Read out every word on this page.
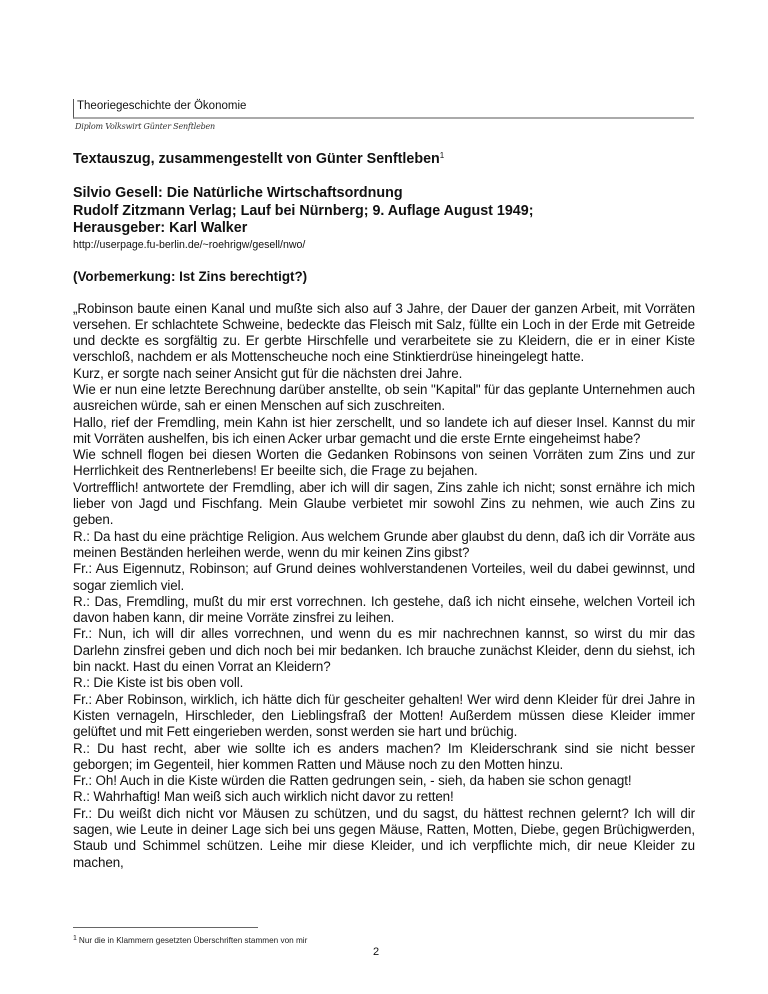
Theoriegeschichte der Ökonomie
Diplom Volkswirt Günter Senftleben
Textauszug, zusammengestellt von Günter Senftleben$^1$
Silvio Gesell: Die Natürliche Wirtschaftsordnung
Rudolf Zitzmann Verlag; Lauf bei Nürnberg; 9. Auflage August 1949;
Herausgeber: Karl Walker
http://userpage.fu-berlin.de/~roehrigw/gesell/nwo/
(Vorbemerkung: Ist Zins berechtigt?)

„Robinson baute einen Kanal und mußte sich also auf 3 Jahre, der Dauer der ganzen Arbeit, mit Vorräten versehen. Er schlachtete Schweine, bedeckte das Fleisch mit Salz, füllte ein Loch in der Erde mit Getreide und deckte es sorgfältig zu. Er gerbte Hirschfelle und verarbeitete sie zu Kleidern, die er in einer Kiste verschloß, nachdem er als Mottenscheuche noch eine Stinktierdrüse hineingelegt hatte.

Kurz, er sorgte nach seiner Ansicht gut für die nächsten drei Jahre.

Wie er nun eine letzte Berechnung darüber anstellte, ob sein "Kapital" für das geplante Unternehmen auch ausreichen würde, sah er einen Menschen auf sich zuschreiten.

Hallo, rief der Fremdling, mein Kahn ist hier zerschellt, und so landete ich auf dieser Insel. Kannst du mir mit Vorräten aushelfen, bis ich einen Acker urbar gemacht und die erste Ernte eingeheimst habe?

Wie schnell flogen bei diesen Worten die Gedanken Robinsons von seinen Vorräten zum Zins und zur Herrlichkeit des Rentnerlebens! Er beeilte sich, die Frage zu bejahen.

Vortrefflich! antwortete der Fremdling, aber ich will dir sagen, Zins zahle ich nicht; sonst ernähre ich mich lieber von Jagd und Fischfang. Mein Glaube verbietet mir sowohl Zins zu nehmen, wie auch Zins zu geben.

R.: Da hast du eine prächtige Religion. Aus welchem Grunde aber glaubst du denn, daß ich dir Vorräte aus meinen Beständen herleihen werde, wenn du mir keinen Zins gibst?

Fr.: Aus Eigennutz, Robinson; auf Grund deines wohlverstandenen Vorteiles, weil du dabei gewinnst, und sogar ziemlich viel.

R.: Das, Fremdling, mußt du mir erst vorrechnen. Ich gestehe, daß ich nicht einsehe, welchen Vorteil ich davon haben kann, dir meine Vorräte zinsfrei zu leihen.

Fr.: Nun, ich will dir alles vorrechnen, und wenn du es mir nachrechnen kannst, so wirst du mir das Darlehn zinsfrei geben und dich noch bei mir bedanken. Ich brauche zunächst Kleider, denn du siehst, ich bin nackt. Hast du einen Vorrat an Kleidern?

R.: Die Kiste ist bis oben voll.

Fr.: Aber Robinson, wirklich, ich hätte dich für gescheiter gehalten! Wer wird denn Kleider für drei Jahre in Kisten vernageln, Hirschleder, den Lieblingsfraß der Motten! Außerdem müssen diese Kleider immer gelüftet und mit Fett eingerieben werden, sonst werden sie hart und brüchig.

R.: Du hast recht, aber wie sollte ich es anders machen? Im Kleiderschrank sind sie nicht besser geborgen; im Gegenteil, hier kommen Ratten und Mäuse noch zu den Motten hinzu.

Fr.: Oh! Auch in die Kiste würden die Ratten gedrungen sein, - sieh, da haben sie schon genagt!

R.: Wahrhaftig! Man weiß sich auch wirklich nicht davor zu retten!

Fr.: Du weißt dich nicht vor Mäusen zu schützen, und du sagst, du hättest rechnen gelernt? Ich will dir sagen, wie Leute in deiner Lage sich bei uns gegen Mäuse, Ratten, Motten, Diebe, gegen Brüchigwerden, Staub und Schimmel schützen. Leihe mir diese Kleider, und ich verpflichte mich, dir neue Kleider zu machen,

$^1$ Nur die in Klammern gesetzten Überschriften stammen von mir
2
